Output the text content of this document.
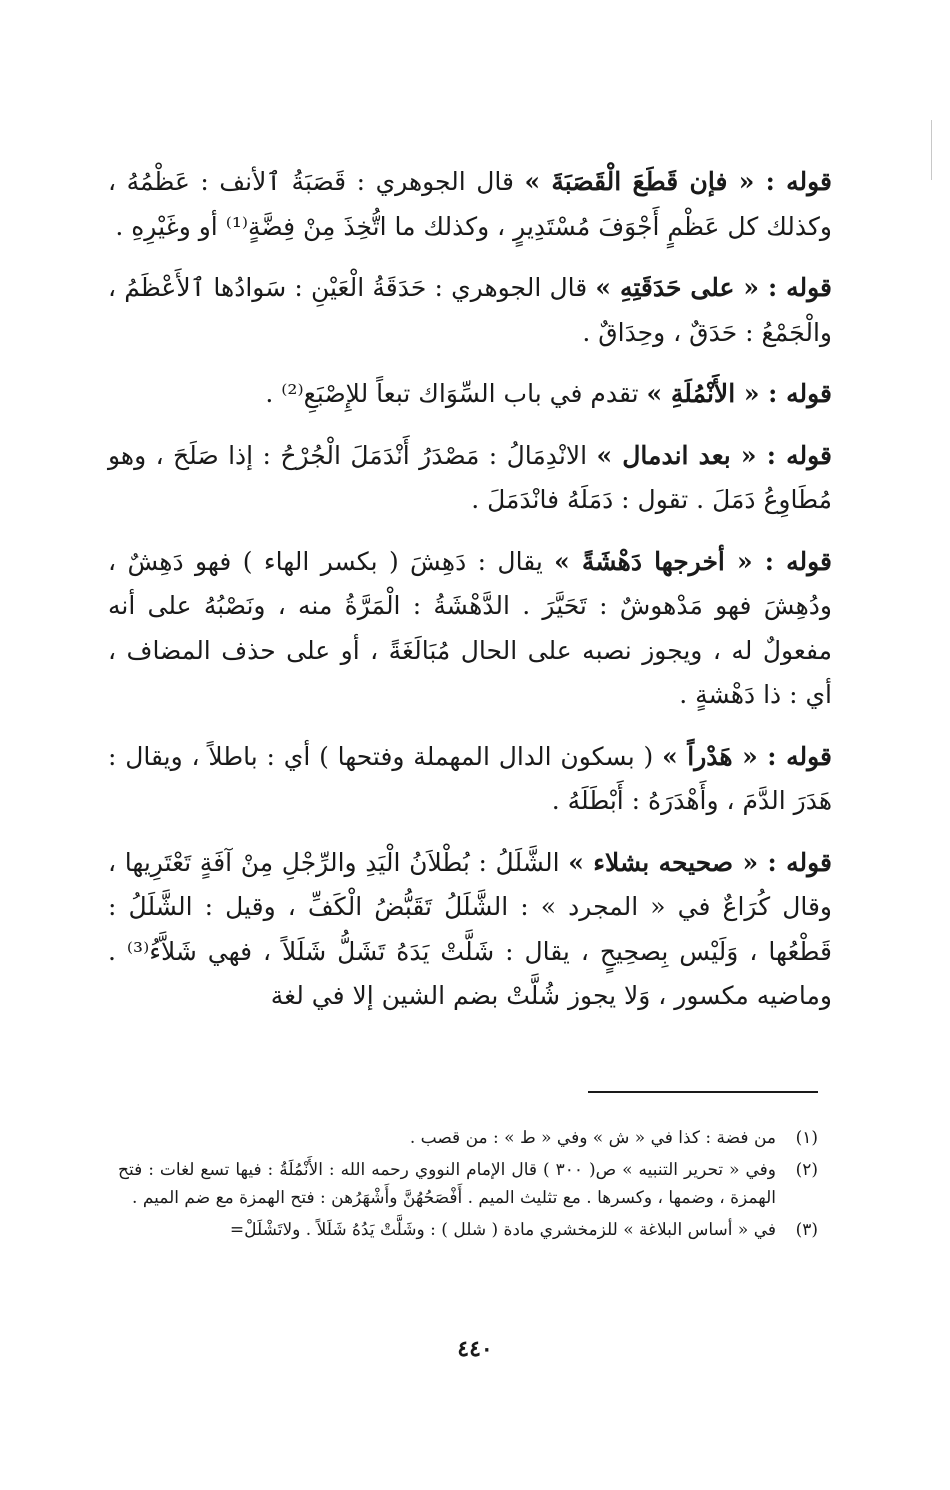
قوله : « فإن قَطَعَ الْقَصَبَةَ » قال الجوهري : قَصَبَةُ ٱلأنف : عَظْمُهُ ، وكذلك كل عَظْمٍ أَجْوَفَ مُسْتَدِيرٍ ، وكذلك ما اتُّخِذَ مِنْ فِضَّةٍ⁽¹⁾ أو وغَيْرِهِ .

قوله : « على حَدَقَتِهِ » قال الجوهري : حَدَقَةُ الْعَيْنِ : سَوادُها ٱلأَعْظَمُ ، والْجَمْعُ : حَدَقٌ ، وحِدَاقٌ .

قوله : « الأَنْمُلَةِ » تقدم في باب السِّوَاك تبعاً للإِصْبَعِ⁽²⁾ .

قوله : « بعد اندمال » الانْدِمَالُ : مَصْدَرُ أَنْدَمَلَ الْجُرْحُ : إذا صَلَحَ ، وهو مُطَاوِعُ دَمَلَ . تقول : دَمَلَهُ فانْدَمَلَ .

قوله : « أخرجها دَهْشَةً » يقال : دَهِشَ ( بكسر الهاء ) فهو دَهِشٌ ، ودُهِشَ فهو مَدْهوشٌ : تَحَيَّرَ . الدَّهْشَةُ : الْمَرَّةُ منه ، ونَصْبُهُ على أنه مفعولٌ له ، ويجوز نصبه على الحال مُبَالَغَةً ، أو على حذف المضاف ، أي : ذا دَهْشةٍ .

قوله : « هَدْراً » ( بسكون الدال المهملة وفتحها ) أي : باطلاً ، ويقال : هَدَرَ الدَّمَ ، وأَهْدَرَهُ : أَبْطَلَهُ .

قوله : « صحيحه بشلاء » الشَّلَلُ : بُطْلاَنُ الْيَدِ والرِّجْلِ مِنْ آفَةٍ تَعْتَرِيها ، وقال كُرَاعٌ في « المجرد » : الشَّلَلُ تَقَبُّضُ الْكَفِّ ، وقيل : الشَّلَلُ : قَطْعُها ، وَلَيْس بِصحِيحٍ ، يقال : شَلَّتْ يَدَهُ تَشَلُّ شَلَلاً ، فهي شَلاَّءُ⁽³⁾ . وماضيه مكسور ، وَلا يجوز شُلَّتْ بضم الشين إلا في لغة

(١)
من فضة : كذا في « ش » وفي « ط » : من قصب .
(٢)
وفي « تحرير التنبيه » ص( ٣٠٠ ) قال الإمام النووي رحمه الله : الأَنْمُلَةُ : فيها تسع لغات : فتح الهمزة ، وضمها ، وكسرها . مع تثليث الميم . أَفْصَحُهُنَّ وأَشْهَرُهن : فتح الهمزة مع ضم الميم .
(٣)
في « أساس البلاغة » للزمخشري مادة ( شلل ) : وشَلَّتْ يَدُهُ شَلَلاً . ولاتَشْلَلْ=
٤٤٠
